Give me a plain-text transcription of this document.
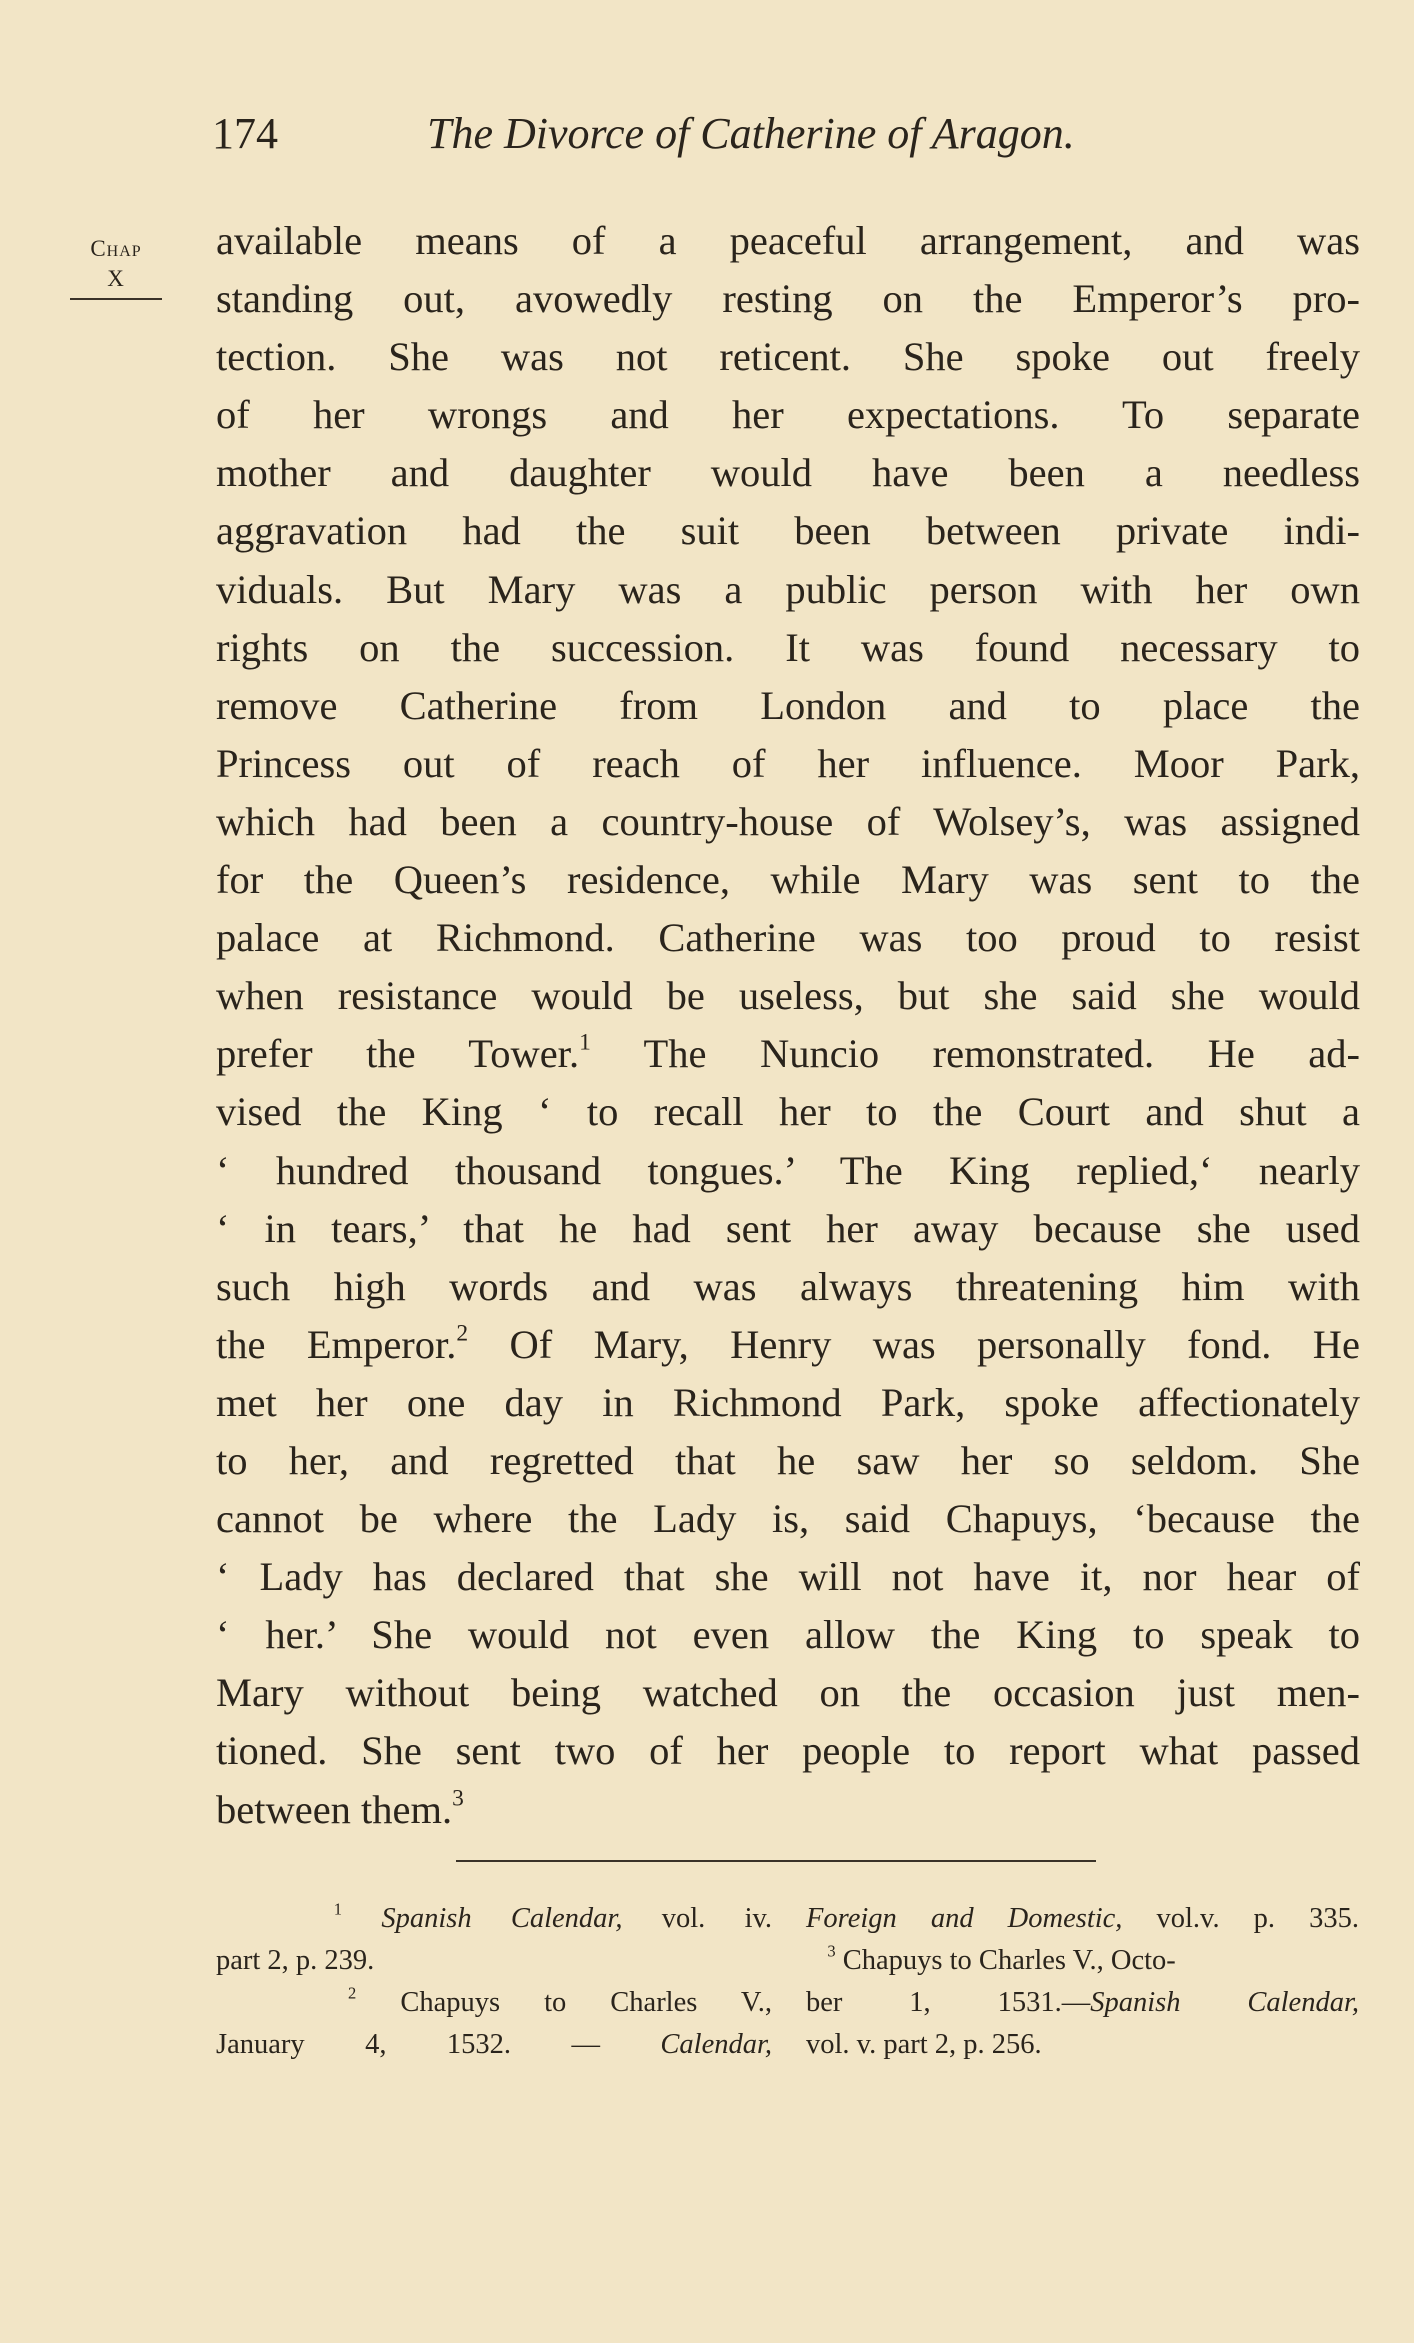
174	The Divorce of Catherine of Aragon.
Chap
X
available means of a peaceful arrangement, and was
standing out, avowedly resting on the Emperor’s pro-
tection. She was not reticent. She spoke out freely
of her wrongs and her expectations. To separate
mother and daughter would have been a needless
aggravation had the suit been between private indi-
viduals. But Mary was a public person with her own
rights on the succession. It was found necessary to
remove Catherine from London and to place the
Princess out of reach of her influence. Moor Park,
which had been a country-house of Wolsey’s, was assigned
for the Queen’s residence, while Mary was sent to the
palace at Richmond. Catherine was too proud to resist
when resistance would be useless, but she said she would
prefer the Tower.$^1$ The Nuncio remonstrated. He ad-
vised the King ‘ to recall her to the Court and shut a
‘ hundred thousand tongues.’ The King replied,‘ nearly
‘ in tears,’ that he had sent her away because she used
such high words and was always threatening him with
the Emperor.$^2$ Of Mary, Henry was personally fond. He
met her one day in Richmond Park, spoke affectionately
to her, and regretted that he saw her so seldom. She
cannot be where the Lady is, said Chapuys, ‘because the
‘ Lady has declared that she will not have it, nor hear of
‘ her.’ She would not even allow the King to speak to
Mary without being watched on the occasion just men-
tioned. She sent two of her people to report what passed
between them.$^3$
$^1$ Spanish Calendar, vol. iv.
part 2, p. 239.
$^2$ Chapuys to Charles V.,
January 4, 1532. — Calendar,
Foreign and Domestic, vol.v. p. 335.
$^3$ Chapuys to Charles V., Octo-
ber 1, 1531.—Spanish Calendar,
vol. v. part 2, p. 256.
